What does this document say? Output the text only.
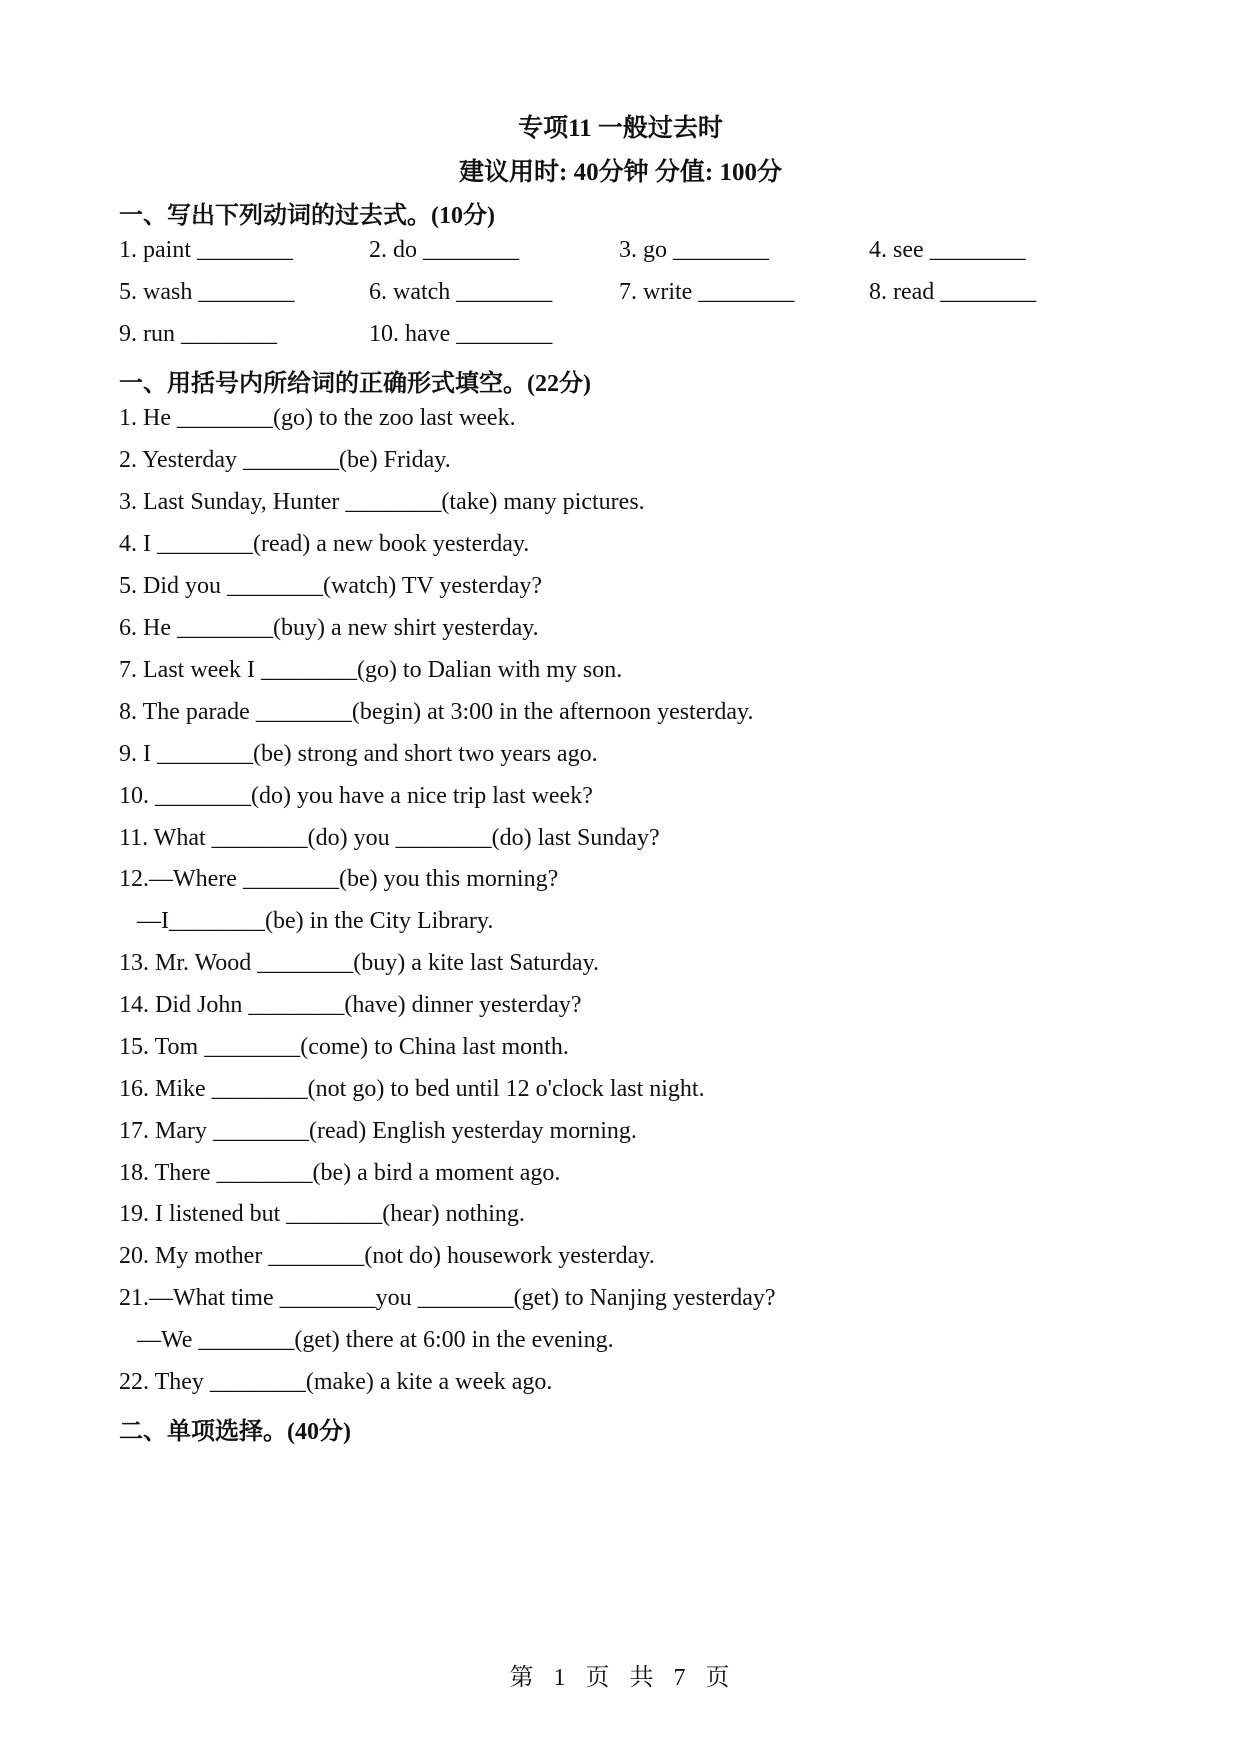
专项11 一般过去时
建议用时: 40分钟 分值: 100分
一、写出下列动词的过去式。(10分)
1. paint ________	2. do ________	3. go ________	4. see ________
5. wash ________	6. watch ________	7. write ________	8. read ________
9. run ________	10. have ________
一、用括号内所给词的正确形式填空。(22分)
1. He ________(go) to the zoo last week.
2. Yesterday ________(be) Friday.
3. Last Sunday, Hunter ________(take) many pictures.
4. I ________(read) a new book yesterday.
5. Did you ________(watch) TV yesterday?
6. He ________(buy) a new shirt yesterday.
7. Last week I ________(go) to Dalian with my son.
8. The parade ________(begin) at 3:00 in the afternoon yesterday.
9. I ________(be) strong and short two years ago.
10. ________(do) you have a nice trip last week?
11. What ________(do) you ________(do) last Sunday?
12.—Where ________(be) you this morning?
—I________(be) in the City Library.
13. Mr. Wood ________(buy) a kite last Saturday.
14. Did John ________(have) dinner yesterday?
15. Tom ________(come) to China last month.
16. Mike ________(not go) to bed until 12 o'clock last night.
17. Mary ________(read) English yesterday morning.
18. There ________(be) a bird a moment ago.
19. I listened but ________(hear) nothing.
20. My mother ________(not do) housework yesterday.
21.—What time ________you ________(get) to Nanjing yesterday?
—We ________(get) there at 6:00 in the evening.
22. They ________(make) a kite a week ago.
二、单项选择。(40分)
第 1 页 共 7 页
